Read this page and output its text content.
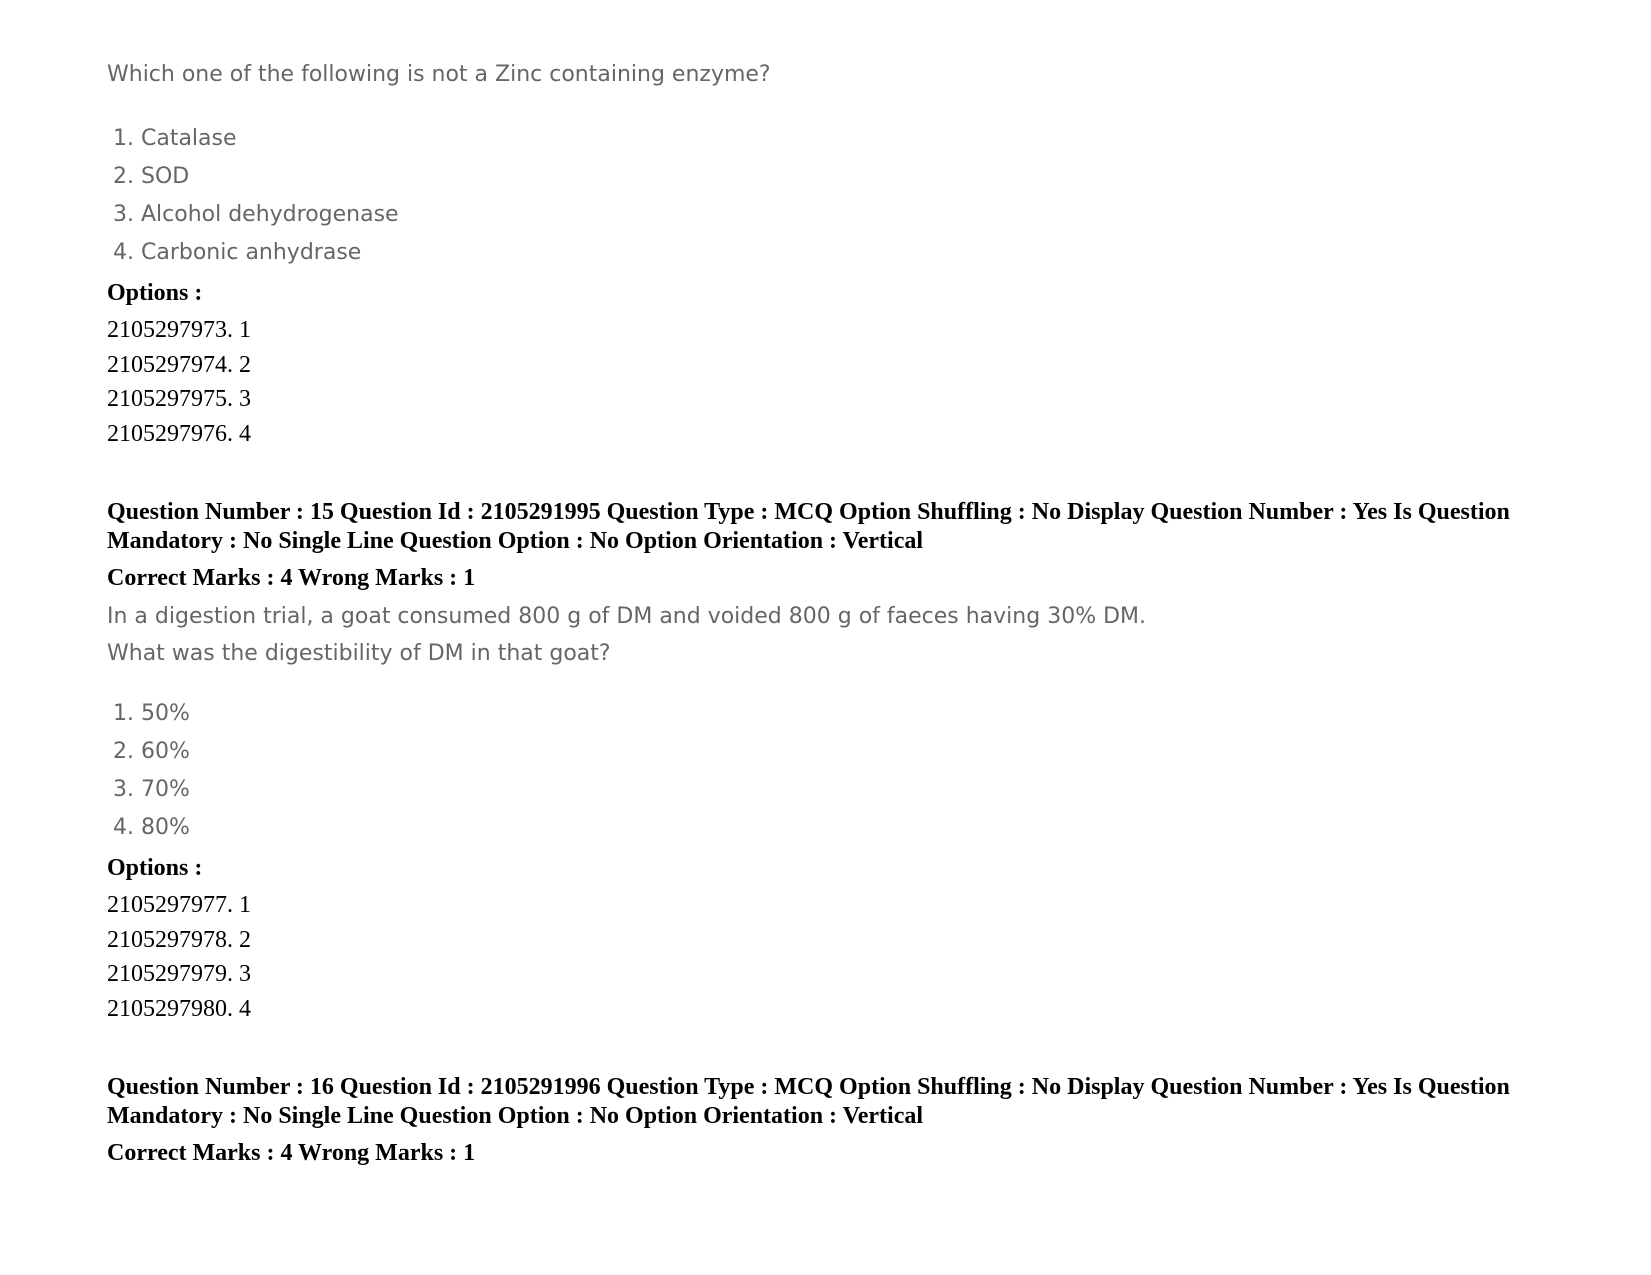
Which one of the following is not a Zinc containing enzyme?
1. Catalase
2. SOD
3. Alcohol dehydrogenase
4. Carbonic anhydrase
Options :
2105297973. 1
2105297974. 2
2105297975. 3
2105297976. 4
Question Number : 15 Question Id : 2105291995 Question Type : MCQ Option Shuffling : No Display Question Number : Yes Is Question Mandatory : No Single Line Question Option : No Option Orientation : Vertical
Correct Marks : 4 Wrong Marks : 1
In a digestion trial, a goat consumed 800 g of DM and voided 800 g of faeces having 30% DM.
What was the digestibility of DM in that goat?
1. 50%
2. 60%
3. 70%
4. 80%
Options :
2105297977. 1
2105297978. 2
2105297979. 3
2105297980. 4
Question Number : 16 Question Id : 2105291996 Question Type : MCQ Option Shuffling : No Display Question Number : Yes Is Question Mandatory : No Single Line Question Option : No Option Orientation : Vertical
Correct Marks : 4 Wrong Marks : 1
